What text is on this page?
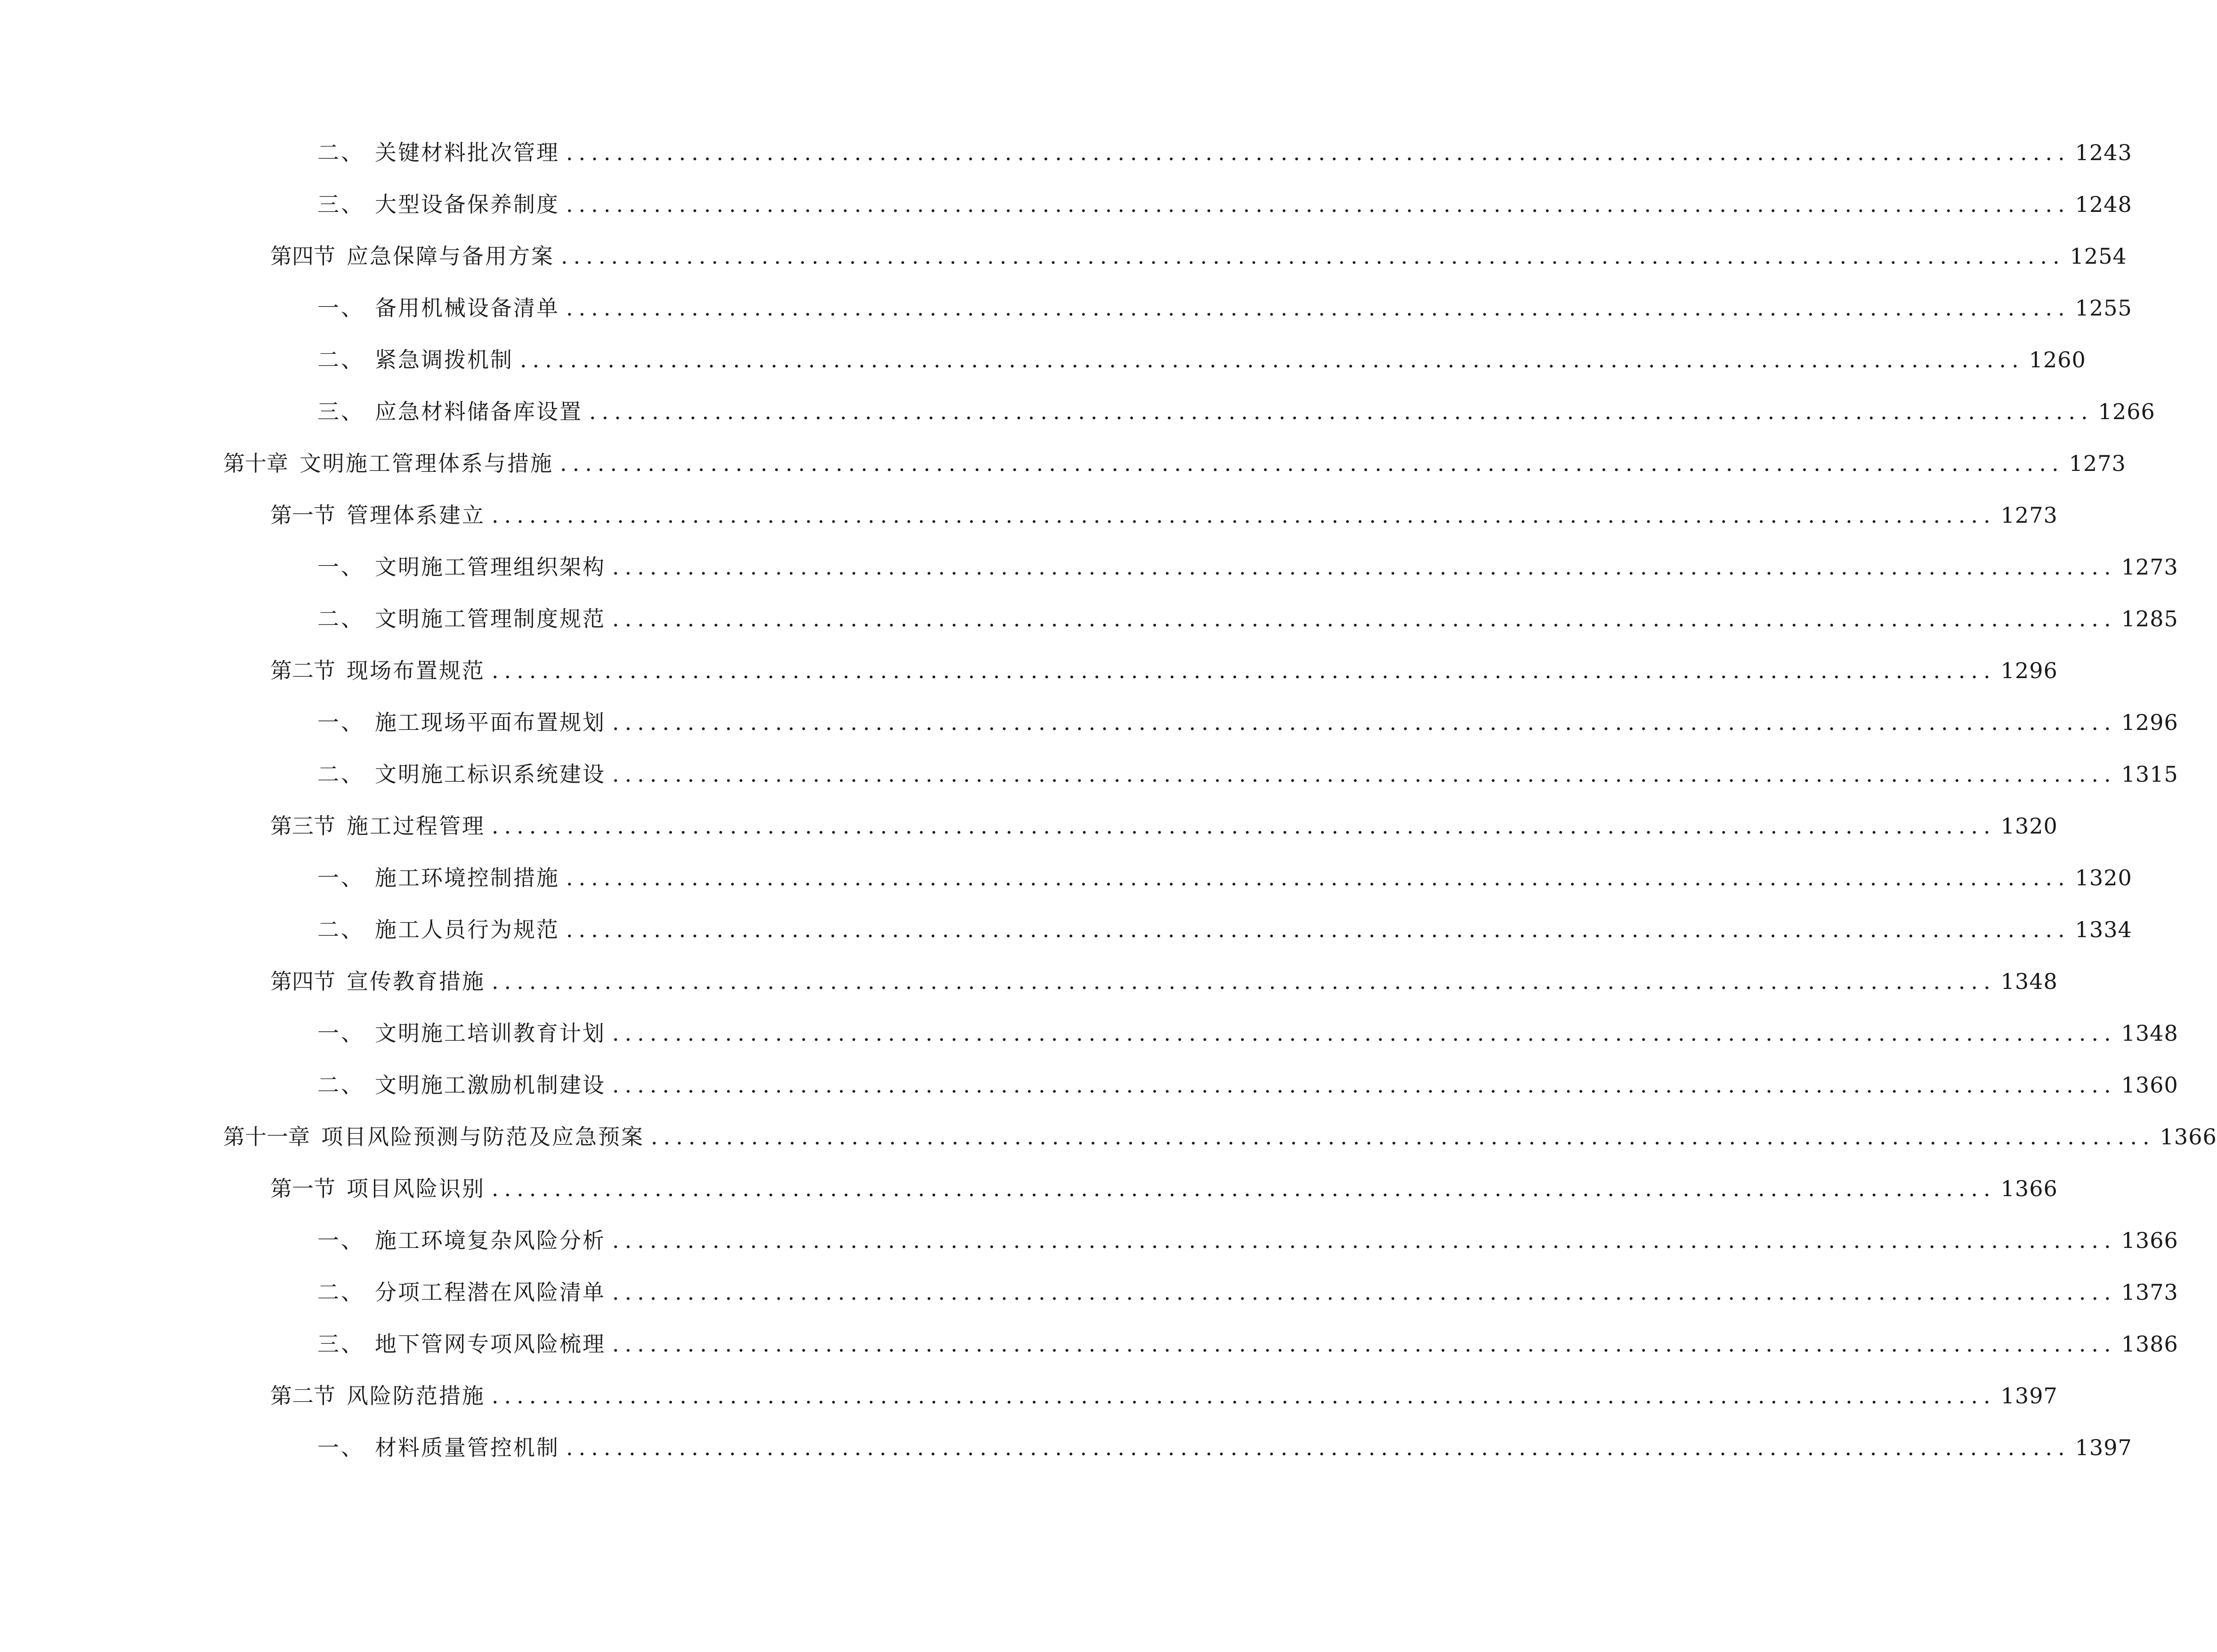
二、 关键材料批次管理 ........................................................................................................................ 1243
三、 大型设备保养制度 ........................................................................................................................ 1248
第四节 应急保障与备用方案 ........................................................................................................................ 1254
一、 备用机械设备清单 ........................................................................................................................ 1255
二、 紧急调拨机制 ........................................................................................................................ 1260
三、 应急材料储备库设置 ........................................................................................................................ 1266
第十章 文明施工管理体系与措施 ........................................................................................................................ 1273
第一节 管理体系建立 ........................................................................................................................ 1273
一、 文明施工管理组织架构 ........................................................................................................................ 1273
二、 文明施工管理制度规范 ........................................................................................................................ 1285
第二节 现场布置规范 ........................................................................................................................ 1296
一、 施工现场平面布置规划 ........................................................................................................................ 1296
二、 文明施工标识系统建设 ........................................................................................................................ 1315
第三节 施工过程管理 ........................................................................................................................ 1320
一、 施工环境控制措施 ........................................................................................................................ 1320
二、 施工人员行为规范 ........................................................................................................................ 1334
第四节 宣传教育措施 ........................................................................................................................ 1348
一、 文明施工培训教育计划 ........................................................................................................................ 1348
二、 文明施工激励机制建设 ........................................................................................................................ 1360
第十一章 项目风险预测与防范及应急预案 ........................................................................................................................ 1366
第一节 项目风险识别 ........................................................................................................................ 1366
一、 施工环境复杂风险分析 ........................................................................................................................ 1366
二、 分项工程潜在风险清单 ........................................................................................................................ 1373
三、 地下管网专项风险梳理 ........................................................................................................................ 1386
第二节 风险防范措施 ........................................................................................................................ 1397
一、 材料质量管控机制 ........................................................................................................................ 1397
